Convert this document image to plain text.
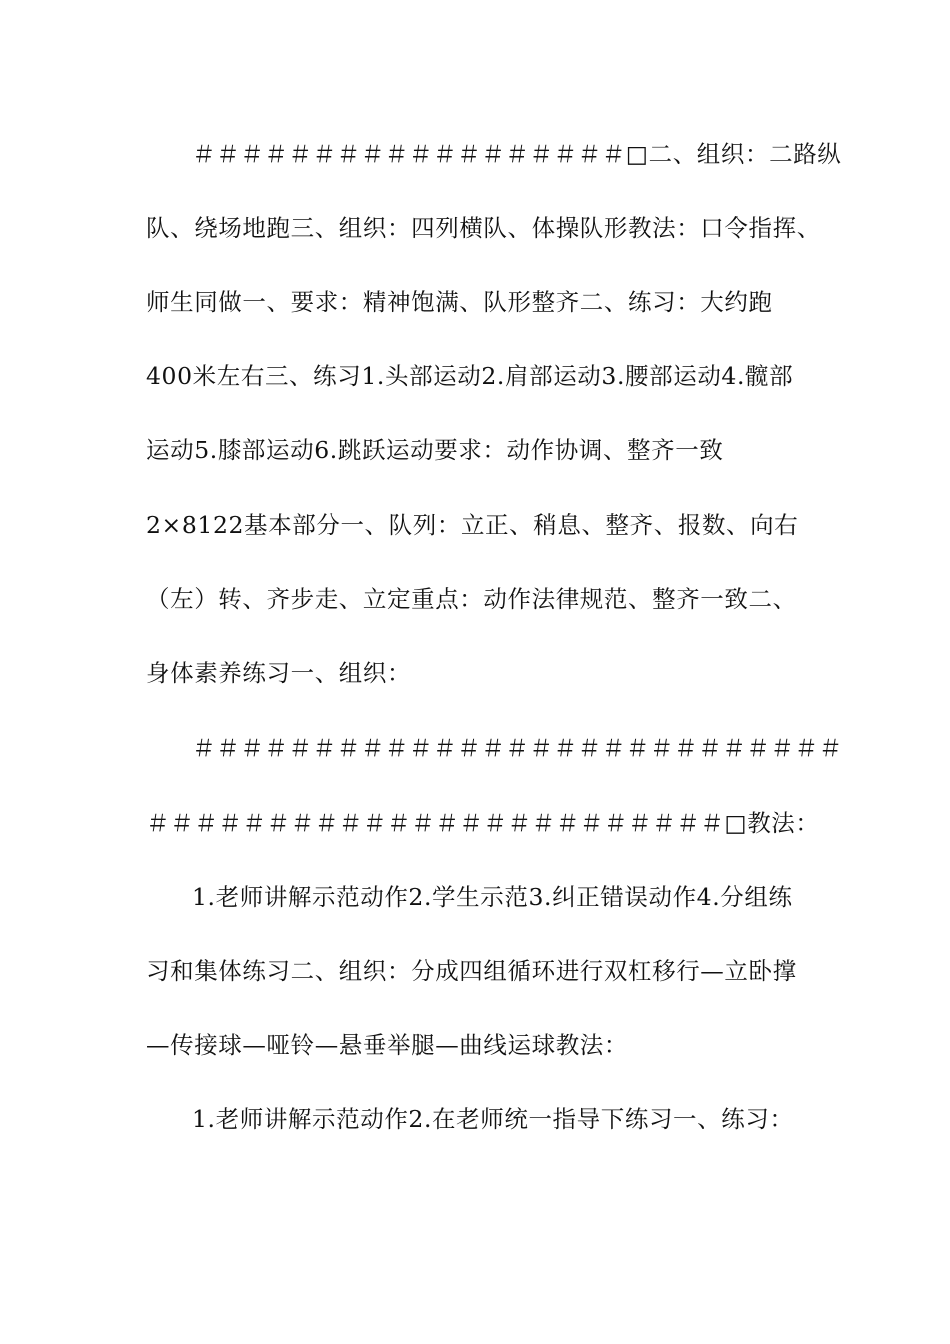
＃＃＃＃＃＃＃＃＃＃＃＃＃＃＃＃＃＃□二、组织：二路纵
队、绕场地跑三、组织：四列横队、体操队形教法：口令指挥、
师生同做一、要求：精神饱满、队形整齐二、练习：大约跑
400米左右三、练习1.头部运动2.肩部运动3.腰部运动4.髋部
运动5.膝部运动6.跳跃运动要求：动作协调、整齐一致
2×8122基本部分一、队列：立正、稍息、整齐、报数、向右
（左）转、齐步走、立定重点：动作法律规范、整齐一致二、
身体素养练习一、组织：
＃＃＃＃＃＃＃＃＃＃＃＃＃＃＃＃＃＃＃＃＃＃＃＃＃＃＃
＃＃＃＃＃＃＃＃＃＃＃＃＃＃＃＃＃＃＃＃＃＃＃＃□教法：
1.老师讲解示范动作2.学生示范3.纠正错误动作4.分组练
习和集体练习二、组织：分成四组循环进行双杠移行—立卧撑
—传接球—哑铃—悬垂举腿—曲线运球教法：
1.老师讲解示范动作2.在老师统一指导下练习一、练习：
